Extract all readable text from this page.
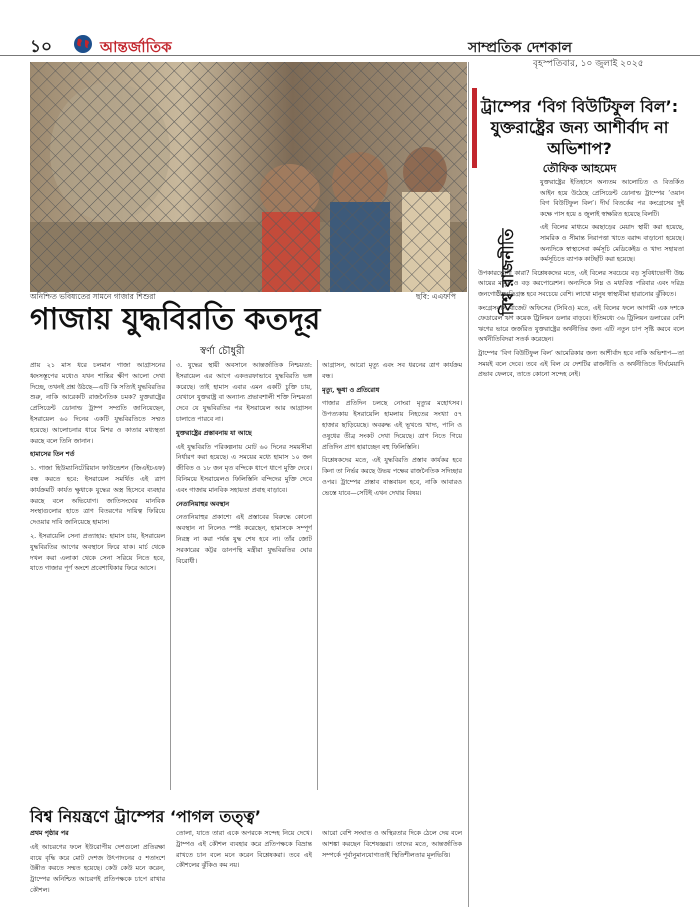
১০	আন্তর্জাতিক	সাম্প্রতিক দেশকাল
বৃহস্পতিবার, ১০ জুলাই ২০২৫
অনিশ্চিত ভবিষ্যতের সামনে গাজার শিশুরা	ছবি: এএফপি
গাজায় যুদ্ধবিরতি কতদূর
স্বর্ণা চৌধুরী

প্রায় ২১ মাস ধরে চলমান গাজা আগ্রাসনের ধ্বংসস্তূপের মধ্যেও যখন শান্তির ক্ষীণ আলো দেখা দিচ্ছে, তখনই প্রশ্ন উঠছে—এটি কি সত্যিই যুদ্ধবিরতির শুরু, নাকি আরেকটি রাজনৈতিক চমক? যুক্তরাষ্ট্রের প্রেসিডেন্ট ডোনাল্ড ট্রাম্প সম্প্রতি জানিয়েছেন, ইসরায়েল ৬০ দিনের একটি যুদ্ধবিরতিতে সম্মত হয়েছে। আলোচনার ধারে মিশর ও কাতার মধ্যস্থতা করছে বলে তিনি জানান।

হামাসের তিন শর্ত

১. গাজা হিউম্যানিটেরিয়ান ফাউন্ডেশন (জিএইচএফ) বন্ধ করতে হবে: ইসরায়েল সমর্থিত এই ত্রাণ কার্যক্রমটি কার্যত ক্ষুধাকে যুদ্ধের অস্ত্র হিসেবে ব্যবহার করছে বলে অভিযোগ। জাতিসংঘের মানবিক সংস্থাগুলোর হাতে ত্রাণ বিতরণের দায়িত্ব ফিরিয়ে দেওয়ার দাবি জানিয়েছে হামাস।

২. ইসরায়েলি সেনা প্রত্যাহার: হামাস চায়, ইসরায়েল যুদ্ধবিরতির আগের অবস্থানে ফিরে যাক। মার্চ থেকে দখল করা এলাকা থেকে সেনা সরিয়ে নিতে হবে, যাতে গাজার পূর্ণ অংশে প্রবেশাধিকার ফিরে আসে।

৩. যুদ্ধের স্থায়ী অবসানে আন্তর্জাতিক নিশ্চয়তা: ইসরায়েল এর আগে একতরফাভাবে যুদ্ধবিরতি ভঙ্গ করেছে। তাই হামাস এবার এমন একটি চুক্তি চায়, যেখানে যুক্তরাষ্ট্র বা অন্যান্য প্রভাবশালী শক্তি নিশ্চয়তা দেবে যে যুদ্ধবিরতির পর ইসরায়েল আর আগ্রাসন চালাতে পারবে না।

যুক্তরাষ্ট্রের প্রস্তাবনায় যা আছে

এই যুদ্ধবিরতি পরিকল্পনায় মোট ৬০ দিনের সময়সীমা নির্ধারণ করা হয়েছে। এ সময়ের মধ্যে হামাস ১০ জন জীবিত ও ১৮ জন মৃত বন্দিকে ধাপে ধাপে মুক্তি দেবে। বিনিময়ে ইসরায়েলও ফিলিস্তিনি বন্দিদের মুক্তি দেবে এবং গাজায় মানবিক সহায়তা প্রবাহ বাড়াবে।

নেতানিয়াহুর অবস্থান

নেতানিয়াহুর প্রকাশ্যে এই প্রস্তাবের বিরুদ্ধে কোনো অবস্থান না নিলেও স্পষ্ট করেছেন, হামাসকে সম্পূর্ণ নিরস্ত্র না করা পর্যন্ত যুদ্ধ শেষ হবে না। তাঁর জোট সরকারের কট্টর ডানপন্থি মন্ত্রীরা যুদ্ধবিরতির ঘোর বিরোধী।

আগ্রাসন, আরো মৃত্যু এবং সব ধরনের ত্রাণ কার্যক্রম বন্ধ।

মৃত্যু, ক্ষুধা ও প্রতিরোধ

গাজার প্রতিদিন চলছে নোংরা মৃত্যুর মহোৎসব। উপত্যকায় ইসরায়েলি হামলায় নিহতের সংখ্যা ৫৭ হাজার ছাড়িয়েছে। অবরুদ্ধ এই ভূখণ্ডে খাদ্য, পানি ও ওষুধের তীব্র সংকট দেখা দিয়েছে। ত্রাণ নিতে গিয়ে প্রতিদিন প্রাণ হারাচ্ছেন বহু ফিলিস্তিনি।

বিশ্লেষকদের মতে, এই যুদ্ধবিরতি প্রস্তাব কার্যকর হবে কিনা তা নির্ভর করছে উভয় পক্ষের রাজনৈতিক সদিচ্ছার ওপর। ট্রাম্পের প্রস্তাব বাস্তবায়ন হবে, নাকি আবারও ভেস্তে যাবে—সেটিই এখন দেখার বিষয়।

বিশ্ব নিয়ন্ত্রণে ট্রাম্পের ‘পাগল তত্ত্ব’

প্রথম পৃষ্ঠার পর

এই আচরণের ফলে ইউরোপীয় দেশগুলো প্রতিরক্ষা ব্যয়ে বৃদ্ধি করে মোট দেশজ উৎপাদনের ৫ শতাংশে উন্নীত করতে সম্মত হয়েছে। কেউ কেউ মনে করেন, ট্রাম্পের অনিশ্চিত আচরণই প্রতিপক্ষকে চাপে রাখার কৌশল।

তোলা, যাতে তারা একে অপরকে সন্দেহ নিয়ে দেখে। ট্রাম্পও এই কৌশল ব্যবহার করে প্রতিপক্ষকে বিভ্রান্ত রাখতে চান বলে মনে করেন বিশ্লেষকরা। তবে এই কৌশলের ঝুঁকিও কম নয়।

আরো বেশি সংঘাত ও অস্থিরতার দিকে ঠেলে দেয় বলে আশঙ্কা করছেন বিশেষজ্ঞরা। তাদের মতে, আন্তর্জাতিক সম্পর্কে পূর্বানুমানযোগ্যতাই স্থিতিশীলতার মূলভিত্তি।

ট্রাম্পের ‘বিগ বিউটিফুল বিল’: যুক্তরাষ্ট্রের জন্য আশীর্বাদ না অভিশাপ?
তৌফিক আহমেদ
বিশ্ব রাজনীতি

যুক্তরাষ্ট্রের ইতিহাসে অন্যতম আলোচিত ও বিতর্কিত আইন হয়ে উঠেছে প্রেসিডেন্ট ডোনাল্ড ট্রাম্পের ‘ওয়ান বিগ বিউটিফুল বিল’। দীর্ঘ বিতর্কের পর কংগ্রেসের দুই কক্ষে পাস হয়ে ৪ জুলাই স্বাক্ষরিত হয়েছে বিলটি।

এই বিলের মাধ্যমে করছাড়ের মেয়াদ স্থায়ী করা হয়েছে, সামরিক ও সীমান্ত নিরাপত্তা খাতে বরাদ্দ বাড়ানো হয়েছে। অন্যদিকে স্বাস্থ্যসেবা কর্মসূচি মেডিকেইড ও খাদ্য সহায়তা কর্মসূচিতে ব্যাপক কাটছাঁট করা হয়েছে।

উপকারভোগী কারা? বিশ্লেষকদের মতে, এই বিলের সবচেয়ে বড় সুবিধাভোগী উচ্চ আয়ের মানুষ ও বড় করপোরেশন। অন্যদিকে নিম্ন ও মধ্যবিত্ত পরিবার এবং দরিদ্র জনগোষ্ঠী ক্ষতিগ্রস্ত হবে সবচেয়ে বেশি। লাখো মানুষ স্বাস্থ্যবীমা হারানোর ঝুঁকিতে।

কংগ্রেসনাল বাজেট অফিসের (সিবিও) মতে, এই বিলের ফলে আগামী এক দশকে ফেডারেল ঋণ কয়েক ট্রিলিয়ন ডলার বাড়বে। ইতিমধ্যে ৩৬ ট্রিলিয়ন ডলারের বেশি ঋণের ভারে জর্জরিত যুক্তরাষ্ট্রের অর্থনীতির জন্য এটি নতুন চাপ সৃষ্টি করবে বলে অর্থনীতিবিদরা সতর্ক করেছেন।

ট্রাম্পের ‘বিগ বিউটিফুল বিল’ আমেরিকার জন্য আশীর্বাদ হবে নাকি অভিশাপ—তা সময়ই বলে দেবে। তবে এই বিল যে দেশটির রাজনীতি ও অর্থনীতিতে দীর্ঘমেয়াদি প্রভাব ফেলবে, তাতে কোনো সন্দেহ নেই।
